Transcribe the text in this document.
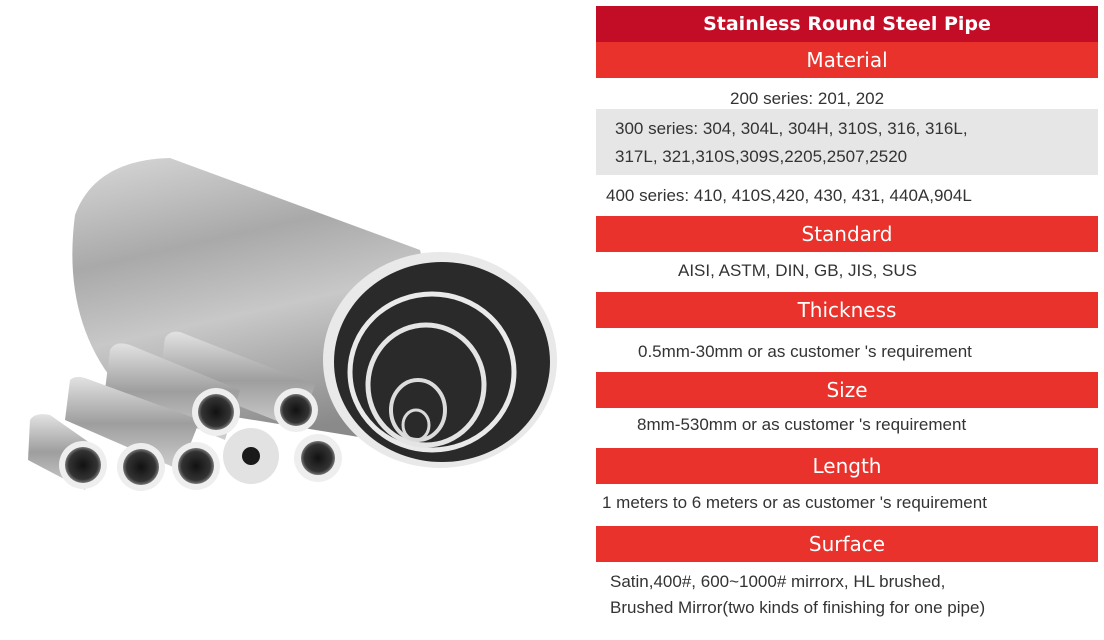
Stainless Round Steel Pipe
Material
200 series: 201, 202
300 series: 304, 304L, 304H, 310S, 316, 316L,
317L, 321,310S,309S,2205,2507,2520
400 series: 410, 410S,420, 430, 431, 440A,904L
Standard
AISI, ASTM, DIN, GB, JIS, SUS
Thickness
0.5mm-30mm or as customer 's requirement
Size
8mm-530mm or as customer 's requirement
Length
1 meters to 6 meters or as customer 's requirement
Surface
Satin,400#, 600~1000# mirrorx, HL brushed,
Brushed Mirror(two kinds of finishing for one pipe)
